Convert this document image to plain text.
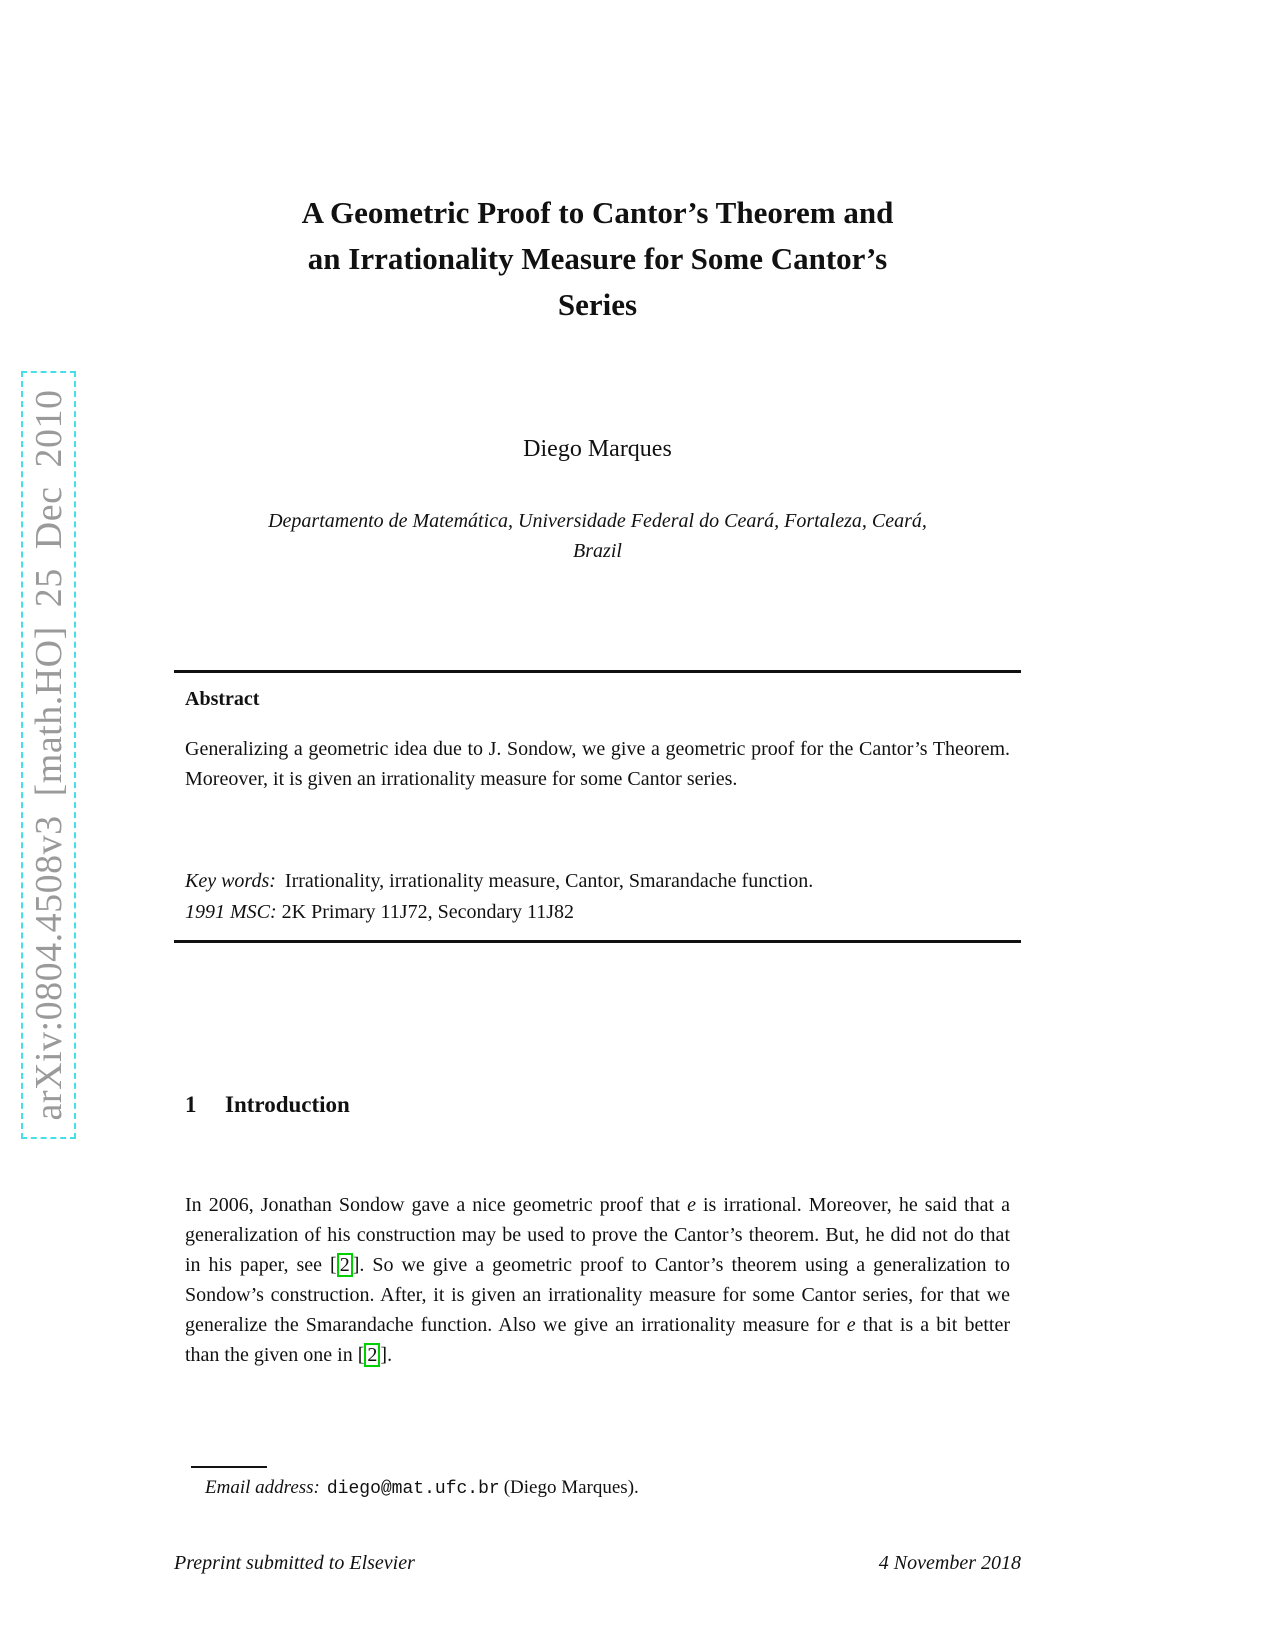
arXiv:0804.4508v3 [math.HO] 25 Dec 2010
A Geometric Proof to Cantor’s Theorem and
an Irrationality Measure for Some Cantor’s
Series
Diego Marques
Departamento de Matemática, Universidade Federal do Ceará, Fortaleza, Ceará,
Brazil
Abstract

Generalizing a geometric idea due to J. Sondow, we give a geometric proof for the Cantor’s Theorem. Moreover, it is given an irrationality measure for some Cantor series.

Key words: Irrationality, irrationality measure, Cantor, Smarandache function.
1991 MSC: 2K Primary 11J72, Secondary 11J82
1 Introduction

In 2006, Jonathan Sondow gave a nice geometric proof that e is irrational. Moreover, he said that a generalization of his construction may be used to prove the Cantor’s theorem. But, he did not do that in his paper, see [ 2 ]. So we give a geometric proof to Cantor’s theorem using a generalization to Sondow’s construction. After, it is given an irrationality measure for some Cantor series, for that we generalize the Smarandache function. Also we give an irrationality measure for e that is a bit better than the given one in [ 2 ].

Email address: diego@mat.ufc.br (Diego Marques).
Preprint submitted to Elsevier	4 November 2018
